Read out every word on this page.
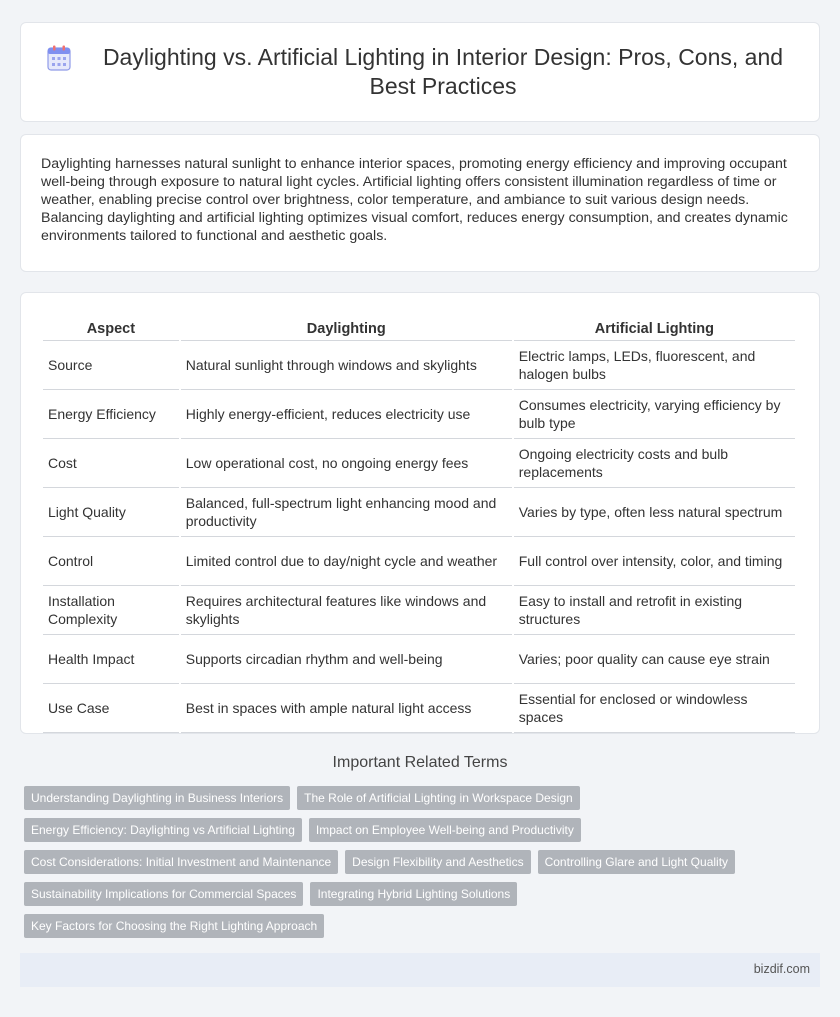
Daylighting vs. Artificial Lighting in Interior Design: Pros, Cons, and Best Practices

Daylighting harnesses natural sunlight to enhance interior spaces, promoting energy efficiency and improving occupant well-being through exposure to natural light cycles. Artificial lighting offers consistent illumination regardless of time or weather, enabling precise control over brightness, color temperature, and ambiance to suit various design needs. Balancing daylighting and artificial lighting optimizes visual comfort, reduces energy consumption, and creates dynamic environments tailored to functional and aesthetic goals.

Aspect	Daylighting	Artificial Lighting
Source	Natural sunlight through windows and skylights	Electric lamps, LEDs, fluorescent, and halogen bulbs
Energy Efficiency	Highly energy-efficient, reduces electricity use	Consumes electricity, varying efficiency by bulb type
Cost	Low operational cost, no ongoing energy fees	Ongoing electricity costs and bulb replacements
Light Quality	Balanced, full-spectrum light enhancing mood and productivity	Varies by type, often less natural spectrum
Control	Limited control due to day/night cycle and weather	Full control over intensity, color, and timing
Installation Complexity	Requires architectural features like windows and skylights	Easy to install and retrofit in existing structures
Health Impact	Supports circadian rhythm and well-being	Varies; poor quality can cause eye strain
Use Case	Best in spaces with ample natural light access	Essential for enclosed or windowless spaces
Important Related Terms
Understanding Daylighting in Business Interiors	The Role of Artificial Lighting in Workspace Design
Energy Efficiency: Daylighting vs Artificial Lighting	Impact on Employee Well-being and Productivity
Cost Considerations: Initial Investment and Maintenance	Design Flexibility and Aesthetics	Controlling Glare and Light Quality
Sustainability Implications for Commercial Spaces	Integrating Hybrid Lighting Solutions
Key Factors for Choosing the Right Lighting Approach
bizdif.com
